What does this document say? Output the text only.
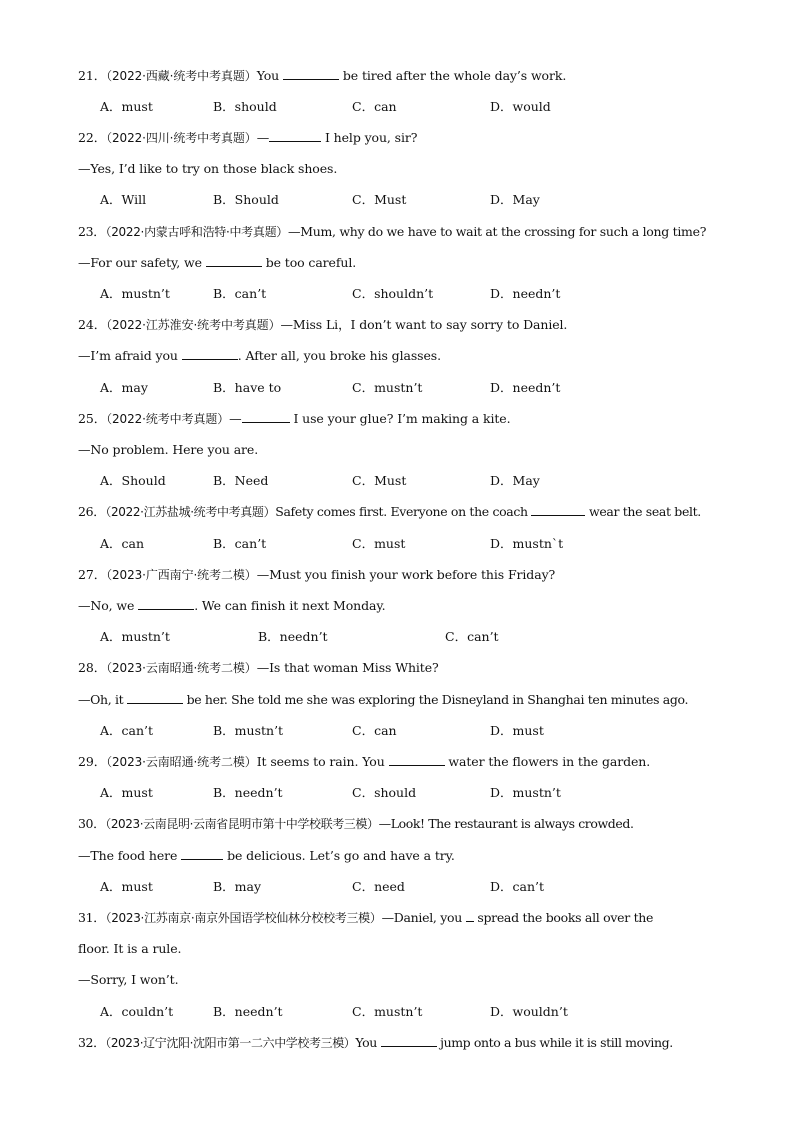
21．（2022·西藏·统考中考真题）You	be tired after the whole day’s work.
A．must	B．should	C．can	D．would
22．（2022·四川·统考中考真题）—	I help you, sir?
—Yes, I’d like to try on those black shoes.
A．Will	B．Should	C．Must	D．May
23．（2022·内蒙古呼和浩特·中考真题）—Mum, why do we have to wait at the crossing for such a long time?
—For our safety, we	be too careful.
A．mustn’t	B．can’t	C．shouldn’t	D．needn’t
24．（2022·江苏淮安·统考中考真题）—Miss Li，I don’t want to say sorry to Daniel.
—I’m afraid you	. After all, you broke his glasses.
A．may	B．have to	C．mustn’t	D．needn’t
25．（2022·统考中考真题）—	I use your glue? I’m making a kite.
—No problem. Here you are.
A．Should	B．Need	C．Must	D．May
26．（2022·江苏盐城·统考中考真题）Safety comes first. Everyone on the coach	wear the seat belt.
A．can	B．can’t	C．must	D．mustn`t
27．（2023·广西南宁·统考二模）—Must you finish your work before this Friday?
—No, we	. We can finish it next Monday.
A．mustn’t	B．needn’t	C．can’t
28．（2023·云南昭通·统考二模）—Is that woman Miss White?
—Oh, it	be her. She told me she was exploring the Disneyland in Shanghai ten minutes ago.
A．can’t	B．mustn’t	C．can	D．must
29．（2023·云南昭通·统考二模）It seems to rain. You	water the flowers in the garden.
A．must	B．needn’t	C．should	D．mustn’t
30．（2023·云南昆明·云南省昆明市第十中学校联考三模）—Look! The restaurant is always crowded.
—The food here	be delicious. Let’s go and have a try.
A．must	B．may	C．need	D．can’t
31．（2023·江苏南京·南京外国语学校仙林分校校考三模）—Daniel, you  spread the books all over the
floor. It is a rule.
—Sorry, I won’t.
A．couldn’t	B．needn’t	C．mustn’t	D．wouldn’t
32．（2023·辽宁沈阳·沈阳市第一二六中学校考三模）You	jump onto a bus while it is still moving.
